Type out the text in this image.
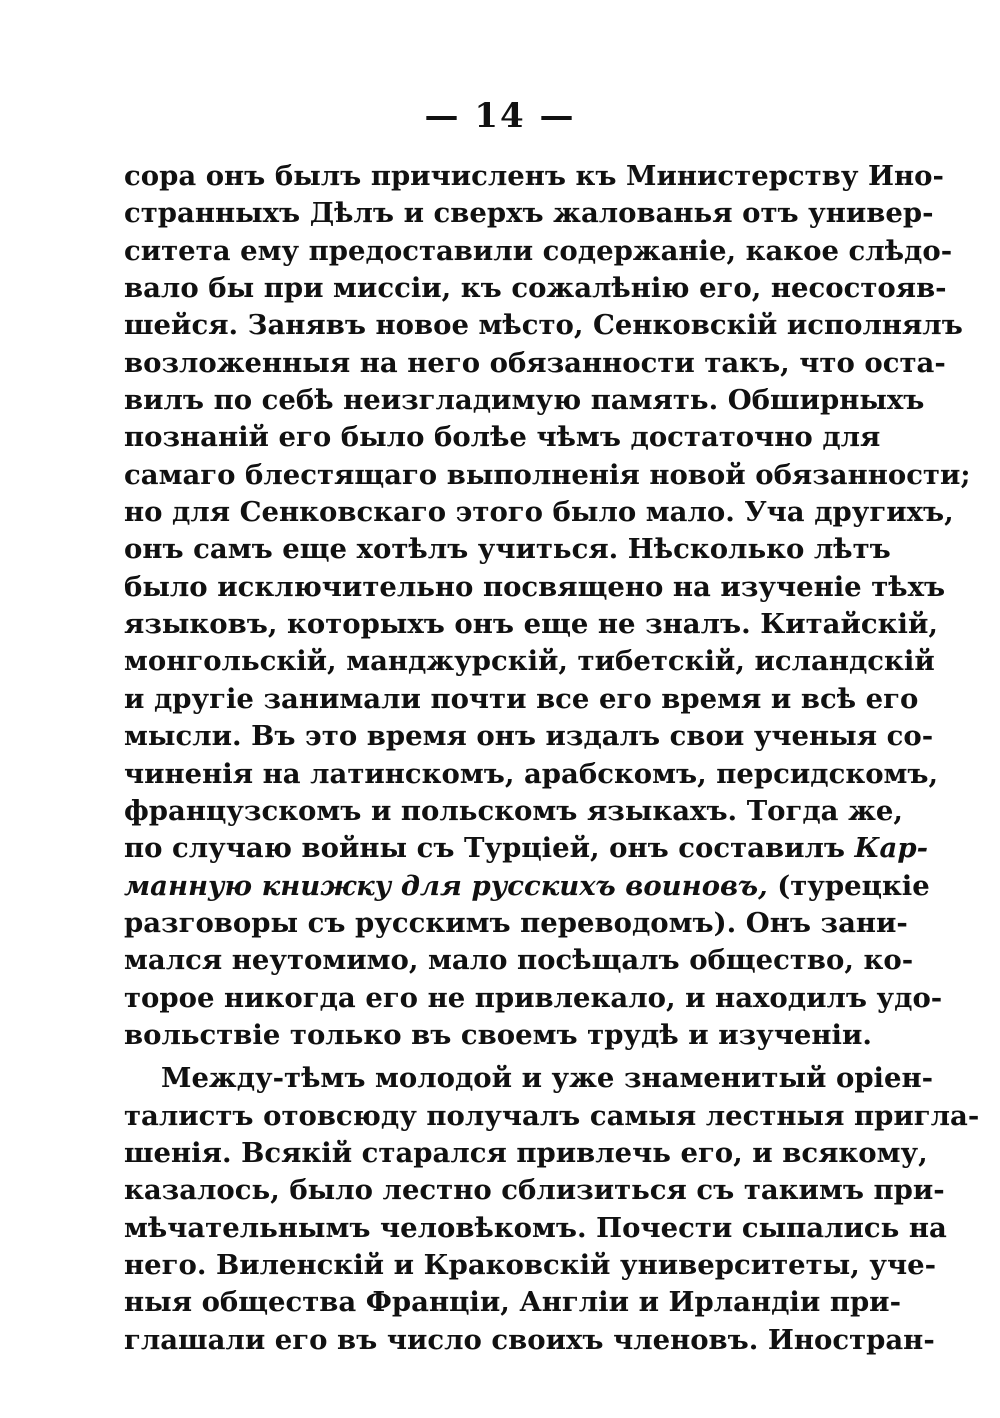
— 14 —
сора онъ былъ причисленъ къ Министерству Ино-
странныхъ Дѣлъ и сверхъ жалованья отъ универ-
ситета ему предоставили содержаніе, какое слѣдо-
вало бы при миссіи, къ сожалѣнію его, несостояв-
шейся. Занявъ новое мѣсто, Сенковскій исполнялъ
возложенныя на него обязанности такъ, что оста-
вилъ по себѣ неизгладимую память. Обширныхъ
познаній его было болѣе чѣмъ достаточно для
самаго блестящаго выполненія новой обязанности;
но для Сенковскаго этого было мало. Уча другихъ,
онъ самъ еще хотѣлъ учиться. Нѣсколько лѣтъ
было исключительно посвящено на изученіе тѣхъ
языковъ, которыхъ онъ еще не зналъ. Китайскій,
монгольскій, манджурскій, тибетскій, исландскій
и другіе занимали почти все его время и всѣ его
мысли. Въ это время онъ издалъ свои ученыя со-
чиненія на латинскомъ, арабскомъ, персидскомъ,
французскомъ и польскомъ языкахъ. Тогда же,
по случаю войны съ Турціей, онъ составилъ Кар-
манную книжку для русскихъ воиновъ, (турецкіе
разговоры съ русскимъ переводомъ). Онъ зани-
мался неутомимо, мало посѣщалъ общество, ко-
торое никогда его не привлекало, и находилъ удо-
вольствіе только въ своемъ трудѣ и изученіи.
Между-тѣмъ молодой и уже знаменитый оріен-
талистъ отовсюду получалъ самыя лестныя пригла-
шенія. Всякій старался привлечь его, и всякому,
казалось, было лестно сблизиться съ такимъ при-
мѣчательнымъ человѣкомъ. Почести сыпались на
него. Виленскій и Краковскій университеты, уче-
ныя общества Франціи, Англіи и Ирландіи при-
глашали его въ число своихъ членовъ. Иностран-
